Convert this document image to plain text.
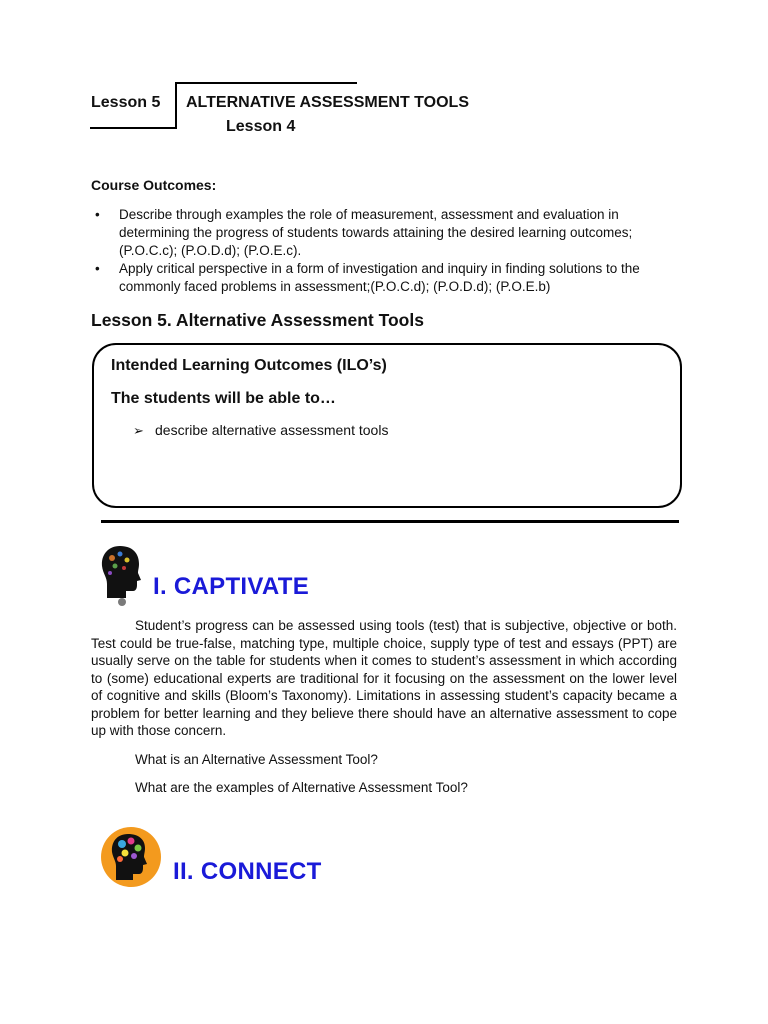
Lesson 5 ALTERNATIVE ASSESSMENT TOOLS
Lesson 4
Course Outcomes:
• Describe through examples the role of measurement, assessment and evaluation in determining the progress of students towards attaining the desired learning outcomes; (P.O.C.c); (P.O.D.d); (P.O.E.c).
• Apply critical perspective in a form of investigation and inquiry in finding solutions to the commonly faced problems in assessment;(P.O.C.d); (P.O.D.d); (P.O.E.b)
Lesson 5. Alternative Assessment Tools
Intended Learning Outcomes (ILO’s)
The students will be able to…
➢ describe alternative assessment tools
I. CAPTIVATE

Student’s progress can be assessed using tools (test) that is subjective, objective or both. Test could be true-false, matching type, multiple choice, supply type of test and essays (PPT) are usually serve on the table for students when it comes to student’s assessment in which according to (some) educational experts are traditional for it focusing on the assessment on the lower level of cognitive and skills (Bloom’s Taxonomy). Limitations in assessing student’s capacity became a problem for better learning and they believe there should have an alternative assessment to cope up with those concern.

What is an Alternative Assessment Tool?
What are the examples of Alternative Assessment Tool?
II. CONNECT
